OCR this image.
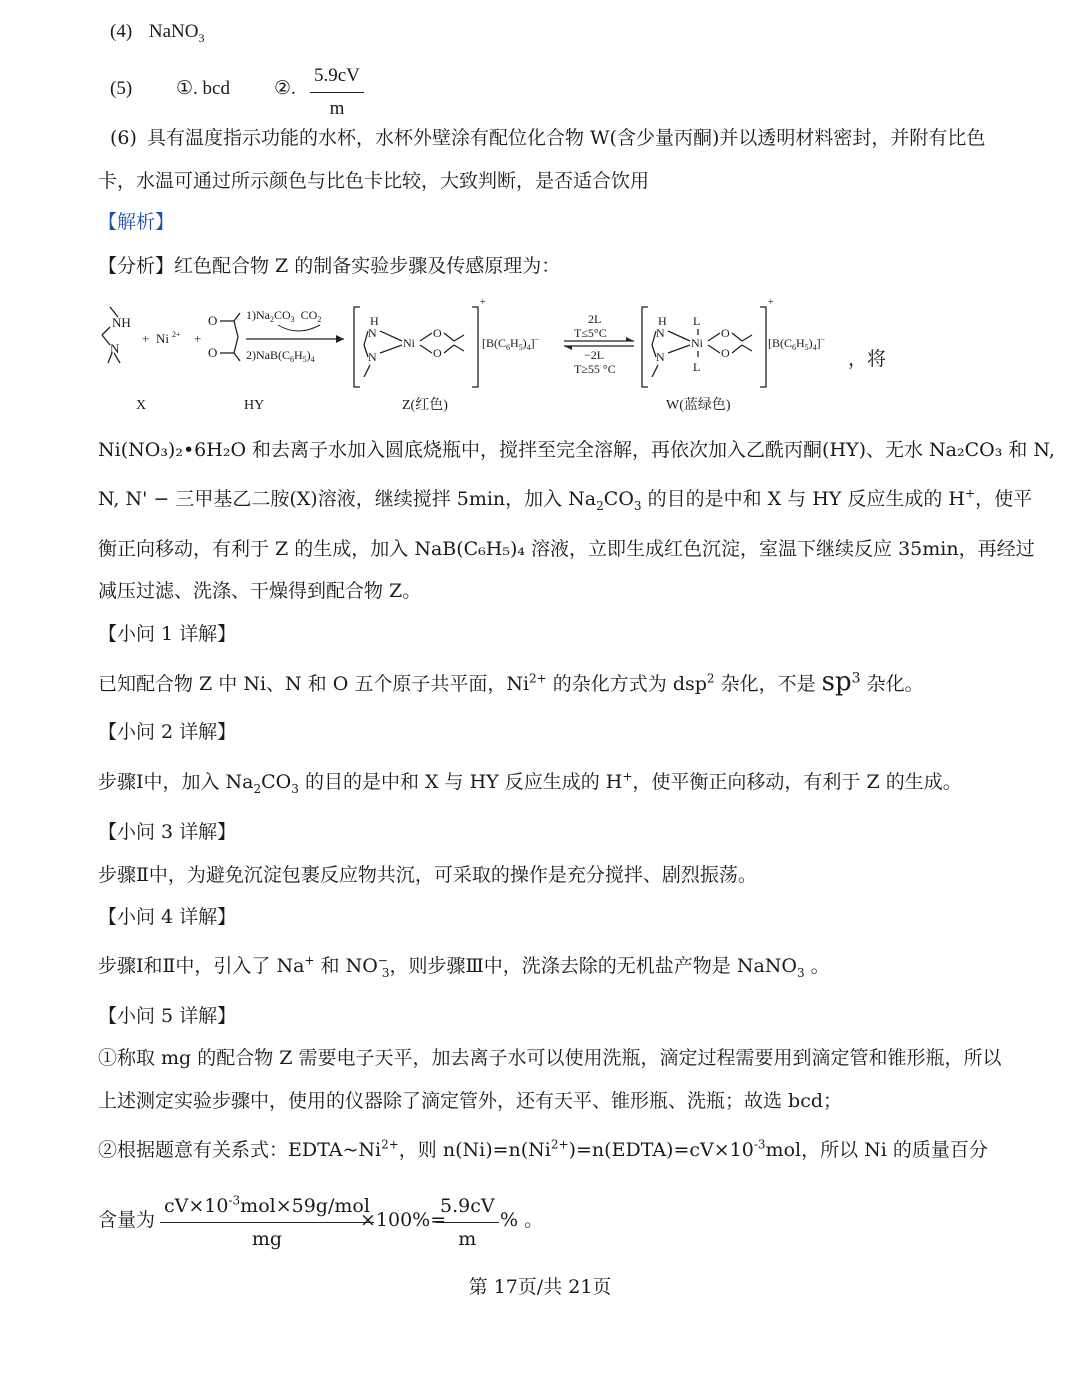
(4) NaNO$_3$
(5) ①. bcd ②. $\frac{5.9cV}{m}$
(6) 具有温度指示功能的水杯，水杯外壁涂有配位化合物 W(含少量丙酮)并以透明材料密封，并附有比色
卡，水温可通过所示颜色与比色卡比较，大致判断，是否适合饮用
【解析】
【分析】红色配合物 Z 的制备实验步骤及传感原理为：
NH
N
+ Ni 2+ +
O
O
$1)Na_2CO_3$ $CO_2$
$2)NaB(C_6H_5)_4$
H
N
N
Ni
O
O
+
$[B(C_6H_5)_4]^-$
2L
T≤5°C
−2L
T≥55 °C
H
N
N
L
Ni
L
O
O
+
$[B(C_6H_5)_4]^-$
，将
X	HY	Z(红色)	W(蓝绿色)
Ni(NO₃)₂•6H₂O 和去离子水加入圆底烧瓶中，搅拌至完全溶解，再依次加入乙酰丙酮(HY)、无水 Na₂CO₃ 和 N,
N, N' − 三甲基乙二胺(X)溶液，继续搅拌 5min，加入 $Na_2CO_3$ 的目的是中和 X 与 HY 反应生成的 H+，使平
衡正向移动，有利于 Z 的生成，加入 NaB(C₆H₅)₄ 溶液，立即生成红色沉淀，室温下继续反应 35min，再经过
减压过滤、洗涤、干燥得到配合物 Z。
【小问 1 详解】
已知配合物 Z 中 Ni、N 和 O 五个原子共平面，$Ni^{2+}$ 的杂化方式为 dsp$^2$ 杂化，不是 $sp^3$ 杂化。
【小问 2 详解】
步骤Ⅰ中，加入 $Na_2CO_3$ 的目的是中和 X 与 HY 反应生成的 H+，使平衡正向移动，有利于 Z 的生成。
【小问 3 详解】
步骤Ⅱ中，为避免沉淀包裹反应物共沉，可采取的操作是充分搅拌、剧烈振荡。
【小问 4 详解】
步骤Ⅰ和Ⅱ中，引入了 Na+ 和 $NO^-_3$，则步骤Ⅲ中，洗涤去除的无机盐产物是 NaNO$_3$ 。
【小问 5 详解】
①称取 mg 的配合物 Z 需要电子天平，加去离子水可以使用洗瓶，滴定过程需要用到滴定管和锥形瓶，所以
上述测定实验步骤中，使用的仪器除了滴定管外，还有天平、锥形瓶、洗瓶；故选 bcd；
②根据题意有关系式：$EDTA\sim Ni^{2+}$，则 $n(Ni)=n(Ni^{2+})=n(EDTA)=cV\times 10^{-3}mol$，所以 Ni 的质量百分
含量为
$cV\times 10^{-3}mol\times 59g$/mol
mg
×100%=
$\frac{5.9cV}{m}$ % 。
第 17页/共 21页
